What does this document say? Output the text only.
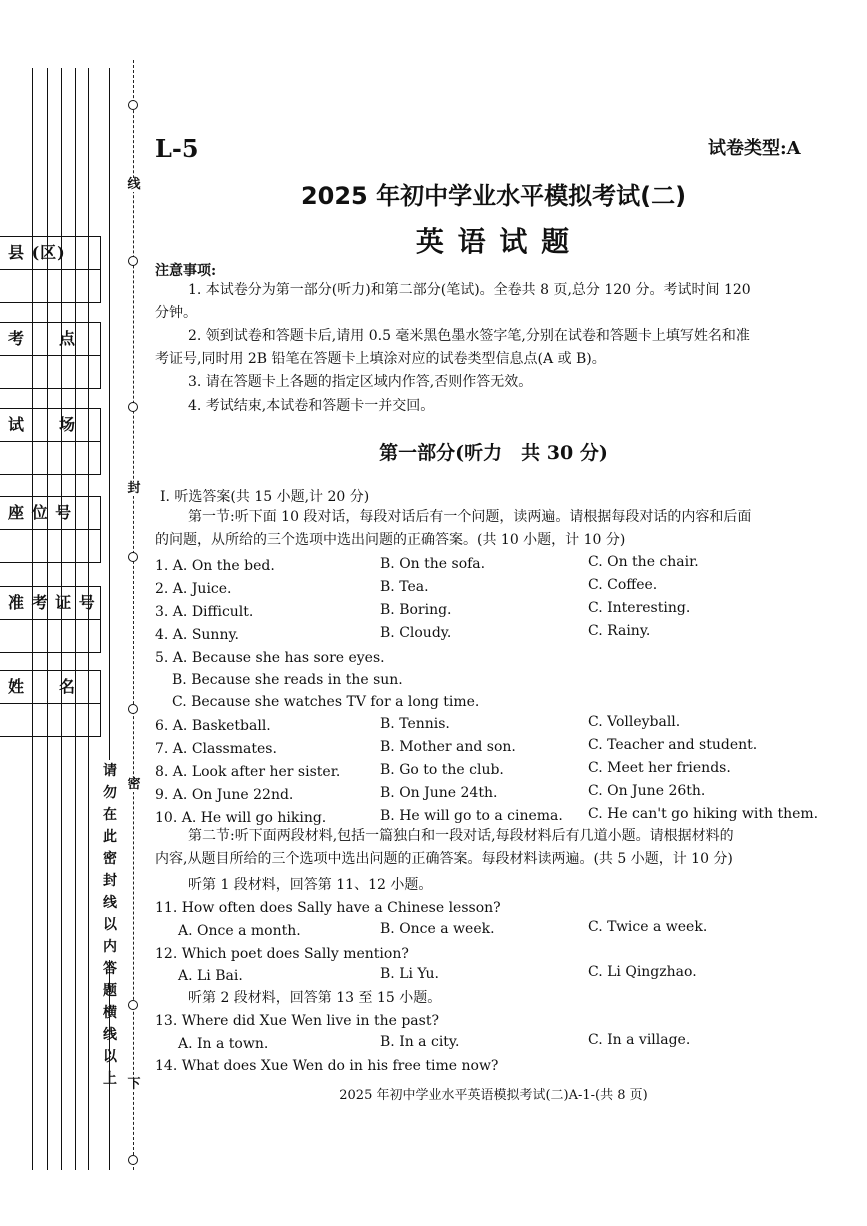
线
封
密
下
请 勿 在 此 密 封 线 以 内 答 题 横 线 以 上
县 (区)
考　　点
试　　场
座 位 号
准 考 证 号
姓　　名
L-5	试卷类型:A
2025 年初中学业水平模拟考试(二)
英 语 试 题
注意事项:
1. 本试卷分为第一部分(听力)和第二部分(笔试)。全卷共 8 页,总分 120 分。考试时间 120
分钟。
2. 领到试卷和答题卡后,请用 0.5 毫米黑色墨水签字笔,分别在试卷和答题卡上填写姓名和准
考证号,同时用 2B 铅笔在答题卡上填涂对应的试卷类型信息点(A 或 B)。
3. 请在答题卡上各题的指定区域内作答,否则作答无效。
4. 考试结束,本试卷和答题卡一并交回。
第一部分(听力　共 30 分)
Ⅰ. 听选答案(共 15 小题,计 20 分)
第一节:听下面 10 段对话，每段对话后有一个问题，读两遍。请根据每段对话的内容和后面
的问题，从所给的三个选项中选出问题的正确答案。(共 10 小题，计 10 分)
1. A. On the bed.	B. On the sofa.	C. On the chair.
2. A. Juice.	B. Tea.	C. Coffee.
3. A. Difficult.	B. Boring.	C. Interesting.
4. A. Sunny.	B. Cloudy.	C. Rainy.
5. A. Because she has sore eyes.
B. Because she reads in the sun.
C. Because she watches TV for a long time.
6. A. Basketball.	B. Tennis.	C. Volleyball.
7. A. Classmates.	B. Mother and son.	C. Teacher and student.
8. A. Look after her sister.	B. Go to the club.	C. Meet her friends.
9. A. On June 22nd.	B. On June 24th.	C. On June 26th.
10. A. He will go hiking.	B. He will go to a cinema. C. He can't go hiking with them.
第二节:听下面两段材料,包括一篇独白和一段对话,每段材料后有几道小题。请根据材料的
内容,从题目所给的三个选项中选出问题的正确答案。每段材料读两遍。(共 5 小题，计 10 分)
听第 1 段材料，回答第 11、12 小题。
11. How often does Sally have a Chinese lesson?
A. Once a month.	B. Once a week.	C. Twice a week.
12. Which poet does Sally mention?
A. Li Bai.	B. Li Yu.	C. Li Qingzhao.
听第 2 段材料，回答第 13 至 15 小题。
13. Where did Xue Wen live in the past?
A. In a town.	B. In a city.	C. In a village.
14. What does Xue Wen do in his free time now?
2025 年初中学业水平英语模拟考试(二)A-1-(共 8 页)
